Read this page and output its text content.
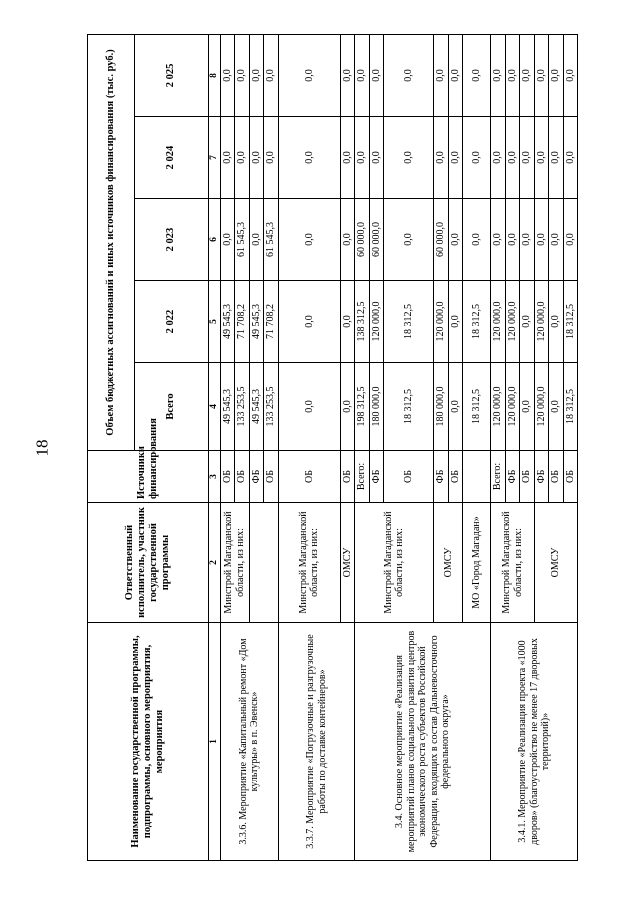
18
Наименование государственной программы, подпрограммы, основного мероприятия, мероприятия	Ответственный исполнитель, участник государственной программы	Источники финансирования	Объем бюджетных ассигнований и иных источников финансирования (тыс. руб.)				
			Всего	2 022	2 023	2 024	2 025
1	2	3	4	5	6	7	8
3.3.6. Мероприятие «Капитальный ремонт «Дом культуры» в п. Эвенск»	Минстрой Магаданской области, из них:	ОБ	49 545,3	49 545,3	0,0	0,0	0,0
		ОБ	133 253,5	71 708,2	61 545,3	0,0	0,0
		ФБ	49 545,3	49 545,3	0,0	0,0	0,0
		ОБ	133 253,5	71 708,2	61 545,3	0,0	0,0
3.3.7. Мероприятие «Погрузочные и разгрузочные работы по доставке контейнеров»	Минстрой Магаданской области, из них:	ОБ	0,0	0,0	0,0	0,0	0,0
	ОМСУ	ОБ	0,0	0,0	0,0	0,0	0,0
3.4. Основное мероприятие «Реализация мероприятий планов социального развития центров экономического роста субъектов Российской Федерации, входящих в состав Дальневосточного федерального округа»	Минстрой Магаданской области, из них:	Всего:	198 312,5	138 312,5	60 000,0	0,0	0,0
		ФБ	180 000,0	120 000,0	60 000,0	0,0	0,0
		ОБ	18 312,5	18 312,5	0,0	0,0	0,0
	ОМСУ	ФБ	180 000,0	120 000,0	60 000,0	0,0	0,0
		ОБ	0,0	0,0	0,0	0,0	0,0
	МО «Город Магадан»		18 312,5	18 312,5	0,0	0,0	0,0

3.4.1. Мероприятие «Реализация проекта «1000 дворов» (благоустройство не менее 17 дворовых территорий)»	Минстрой Магаданской области, из них:	Всего:	120 000,0	120 000,0	0,0	0,0	0,0
		ФБ	120 000,0	120 000,0	0,0	0,0	0,0
		ОБ	0,0	0,0	0,0	0,0	0,0
	ОМСУ	ФБ	120 000,0	120 000,0	0,0	0,0	0,0
		ОБ	0,0	0,0	0,0	0,0	0,0
		ОБ	18 312,5	18 312,5	0,0	0,0	0,0
